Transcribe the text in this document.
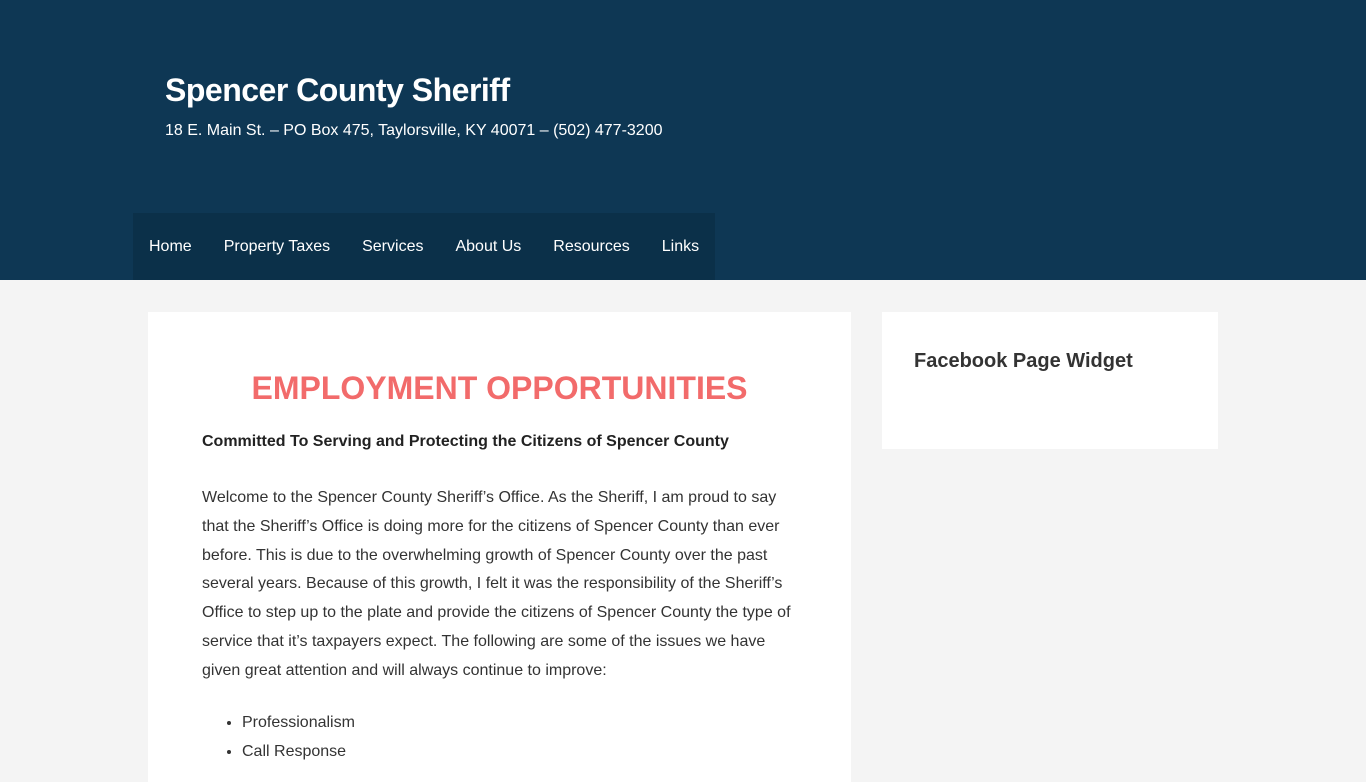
Spencer County Sheriff

18 E. Main St. – PO Box 475, Taylorsville, KY 40071 – (502) 477-3200

Home	Property Taxes	Services	About Us	Resources	Links
EMPLOYMENT OPPORTUNITIES

Committed To Serving and Protecting the Citizens of Spencer County

Welcome to the Spencer County Sheriff’s Office. As the Sheriff, I am proud to say that the Sheriff’s Office is doing more for the citizens of Spencer County than ever before. This is due to the overwhelming growth of Spencer County over the past several years. Because of this growth, I felt it was the responsibility of the Sheriff’s Office to step up to the plate and provide the citizens of Spencer County the type of service that it’s taxpayers expect. The following are some of the issues we have given great attention and will always continue to improve:

• Professionalism
• Call Response
Facebook Page Widget
